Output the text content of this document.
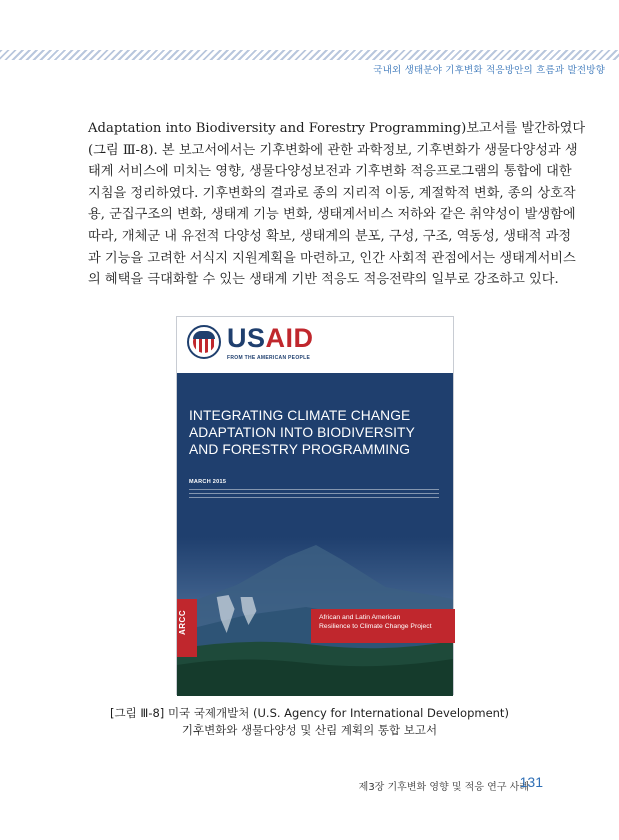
국내외 생태분야 기후변화 적응방안의 흐름과 발전방향
Adaptation into Biodiversity and Forestry Programming)보고서를 발간하였다
(그림 Ⅲ-8). 본 보고서에서는 기후변화에 관한 과학정보, 기후변화가 생물다양성과 생
태계 서비스에 미치는 영향, 생물다양성보전과 기후변화 적응프로그램의 통합에 대한
지침을 정리하였다. 기후변화의 결과로 종의 지리적 이동, 계절학적 변화, 종의 상호작
용, 군집구조의 변화, 생태계 기능 변화, 생태계서비스 저하와 같은 취약성이 발생함에
따라, 개체군 내 유전적 다양성 확보, 생태계의 분포, 구성, 구조, 역동성, 생태적 과정
과 기능을 고려한 서식지 지원계획을 마련하고, 인간 사회적 관점에서는 생태계서비스
의 혜택을 극대화할 수 있는 생태계 기반 적응도 적응전략의 일부로 강조하고 있다.
USAID
FROM THE AMERICAN PEOPLE
INTEGRATING CLIMATE CHANGE
ADAPTATION INTO BIODIVERSITY
AND FORESTRY PROGRAMMING
MARCH 2015
ARCC	African and Latin American
Resilience to Climate Change Project
[그림 Ⅲ-8] 미국 국제개발처 (U.S. Agency for International Development)
기후변화와 생물다양성 및 산림 계획의 통합 보고서
제3장 기후변화 영향 및 적응 연구 사례
131
